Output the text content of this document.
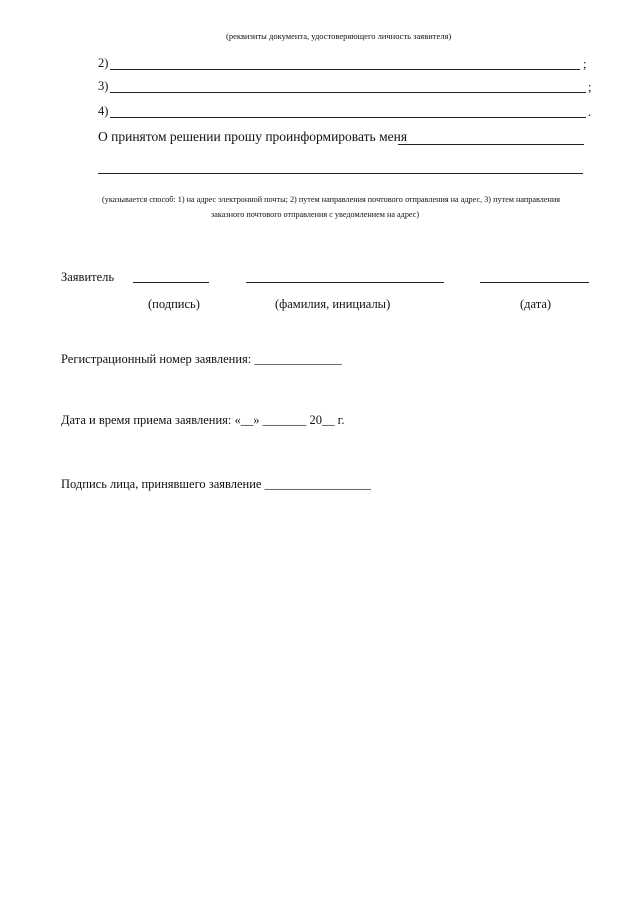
(реквизиты документа, удостоверяющего личность заявителя)
2)	;
3)	;
4)	.
О принятом решении прошу проинформировать меня
(указывается способ: 1) на адрес электронной почты; 2) путем направления почтового отправления на адрес, 3) путем направления
заказного почтового отправления с уведомлением на адрес)
Заявитель
(подпись)	(фамилия, инициалы)	(дата)
Регистрационный номер заявления: ______________
Дата и время приема заявления: «__» _______ 20__ г.
Подпись лица, принявшего заявление _________________
